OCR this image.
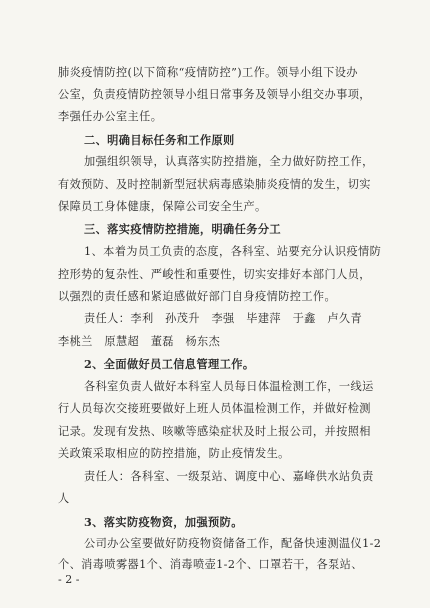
肺炎疫情防控(以下简称“疫情防控”)工作。领导小组下设办
公室，负责疫情防控领导小组日常事务及领导小组交办事项，
李强任办公室主任。
二、明确目标任务和工作原则
加强组织领导，认真落实防控措施，全力做好防控工作，
有效预防、及时控制新型冠状病毒感染肺炎疫情的发生，切实
保障员工身体健康，保障公司安全生产。
三、落实疫情防控措施，明确任务分工
1、本着为员工负责的态度，各科室、站要充分认识疫情防
控形势的复杂性、严峻性和重要性，切实安排好本部门人员，
以强烈的责任感和紧迫感做好部门自身疫情防控工作。
责任人：李利　孙茂升　李强　毕建萍　于鑫　卢久青
李桃兰　原慧超　董磊　杨东杰
2、全面做好员工信息管理工作。
各科室负责人做好本科室人员每日体温检测工作，一线运
行人员每次交接班要做好上班人员体温检测工作，并做好检测
记录。发现有发热、咳嗽等感染症状及时上报公司，并按照相
关政策采取相应的防控措施，防止疫情发生。
责任人：各科室、一级泵站、调度中心、嘉峰供水站负责
人
3、落实防疫物资，加强预防。
公司办公室要做好防疫物资储备工作，配备快速测温仪1-2
个、消毒喷雾器1个、消毒喷壶1-2个、口罩若干，各泵站、
- 2 -
